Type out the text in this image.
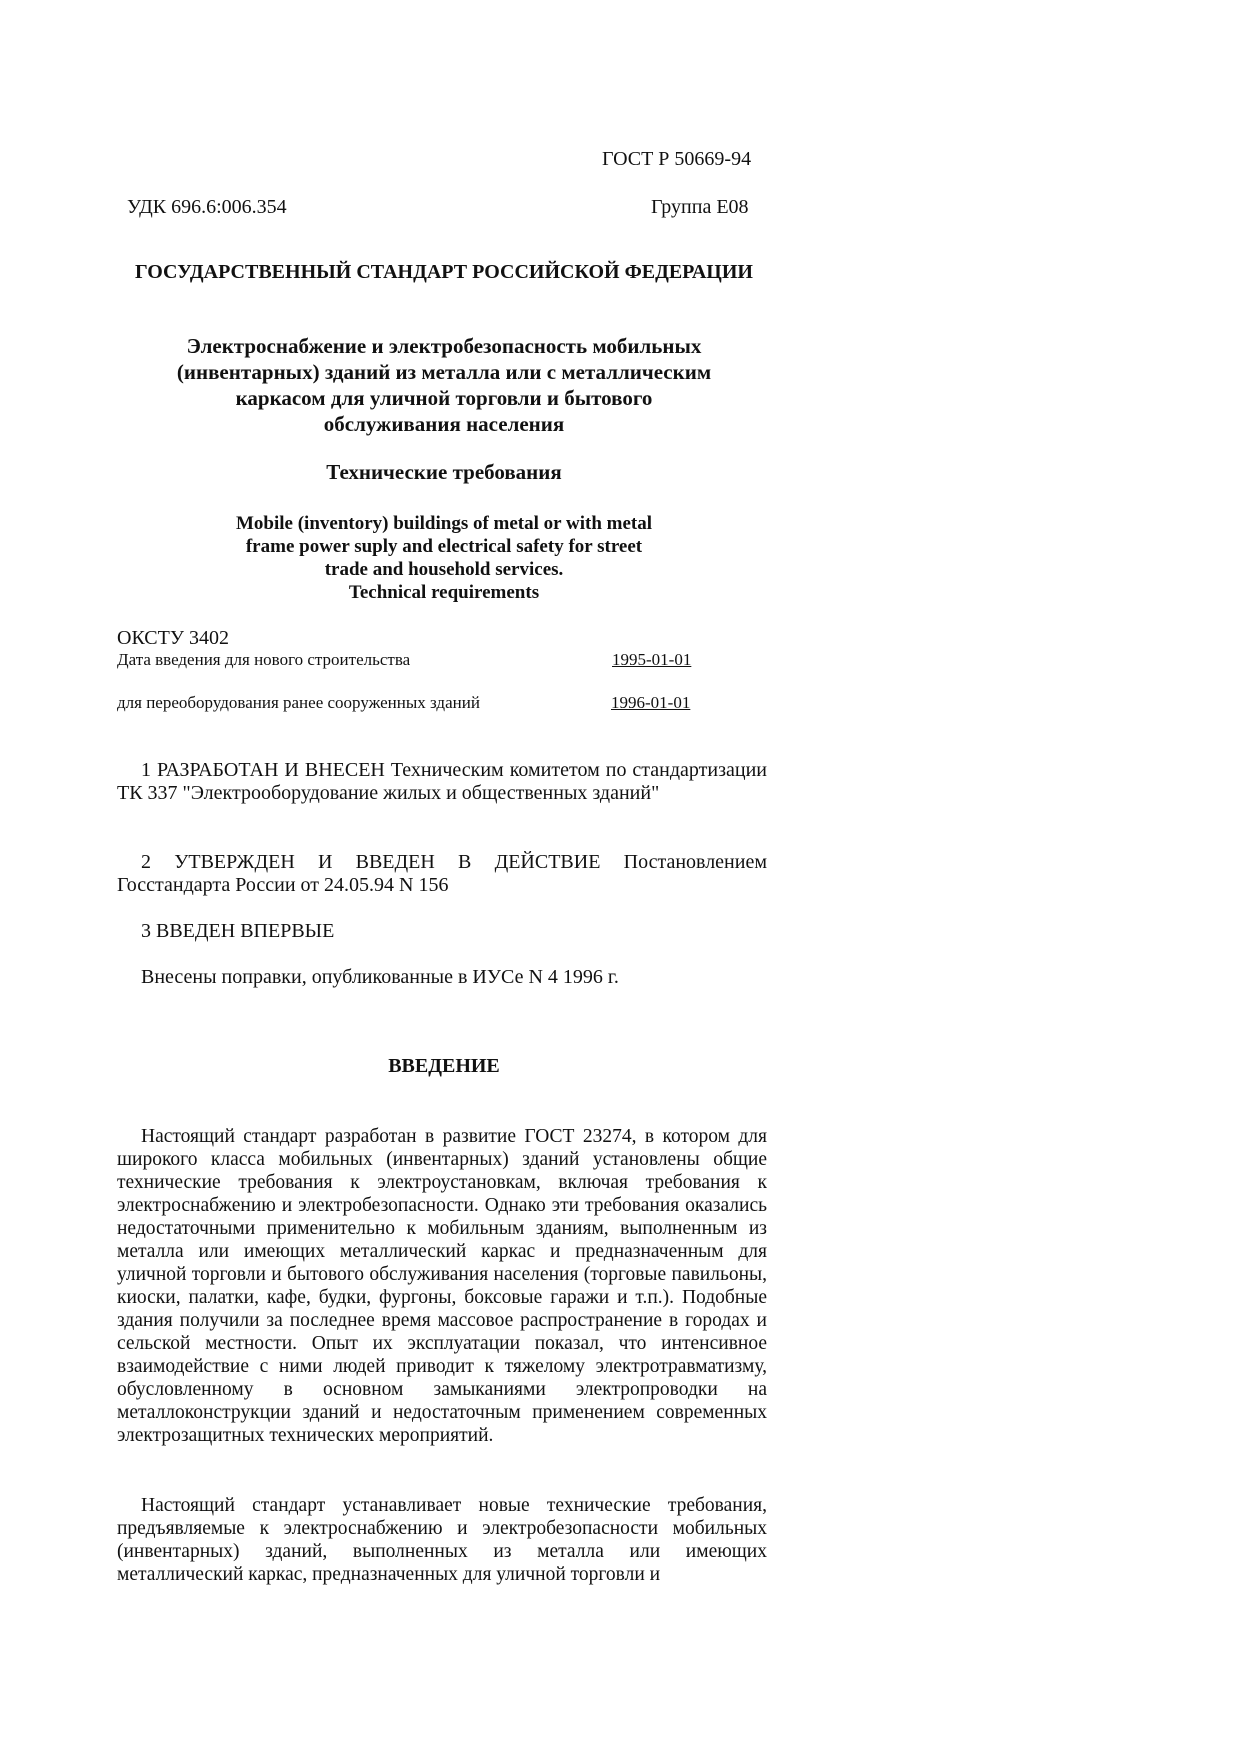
ГОСТ Р 50669-94
УДК 696.6:006.354	Группа Е08
ГОСУДАРСТВЕННЫЙ СТАНДАРТ РОССИЙСКОЙ ФЕДЕРАЦИИ
Электроснабжение и электробезопасность мобильных
(инвентарных) зданий из металла или с металлическим
каркасом для уличной торговли и бытового
обслуживания населения
Технические требования
Mobile (inventory) buildings of metal or with metal
frame power suply and electrical safety for street
trade and household services.
Technical requirements
ОКСТУ 3402
Дата введения для нового строительства	1995-01-01
для переоборудования ранее сооруженных зданий	1996-01-01
1 РАЗРАБОТАН И ВНЕСЕН Техническим комитетом по стандартизации ТК 337 "Электрооборудование жилых и общественных зданий"
2 УТВЕРЖДЕН И ВВЕДЕН В ДЕЙСТВИЕ Постановлением Госстандарта России от 24.05.94 N 156
3 ВВЕДЕН ВПЕРВЫЕ
Внесены поправки, опубликованные в ИУСе N 4 1996 г.
ВВЕДЕНИЕ
Настоящий стандарт разработан в развитие ГОСТ 23274, в котором для широкого класса мобильных (инвентарных) зданий установлены общие технические требования к электроустановкам, включая требования к электроснабжению и электробезопасности. Однако эти требования оказались недостаточными применительно к мобильным зданиям, выполненным из металла или имеющих металлический каркас и предназначенным для уличной торговли и бытового обслуживания населения (торговые павильоны, киоски, палатки, кафе, будки, фургоны, боксовые гаражи и т.п.). Подобные здания получили за последнее время массовое распространение в городах и сельской местности. Опыт их эксплуатации показал, что интенсивное взаимодействие с ними людей приводит к тяжелому электротравматизму, обусловленному в основном замыканиями электропроводки на металлоконструкции зданий и недостаточным применением современных электрозащитных технических мероприятий.
Настоящий стандарт устанавливает новые технические требования, предъявляемые к электроснабжению и электробезопасности мобильных (инвентарных) зданий, выполненных из металла или имеющих металлический каркас, предназначенных для уличной торговли и
